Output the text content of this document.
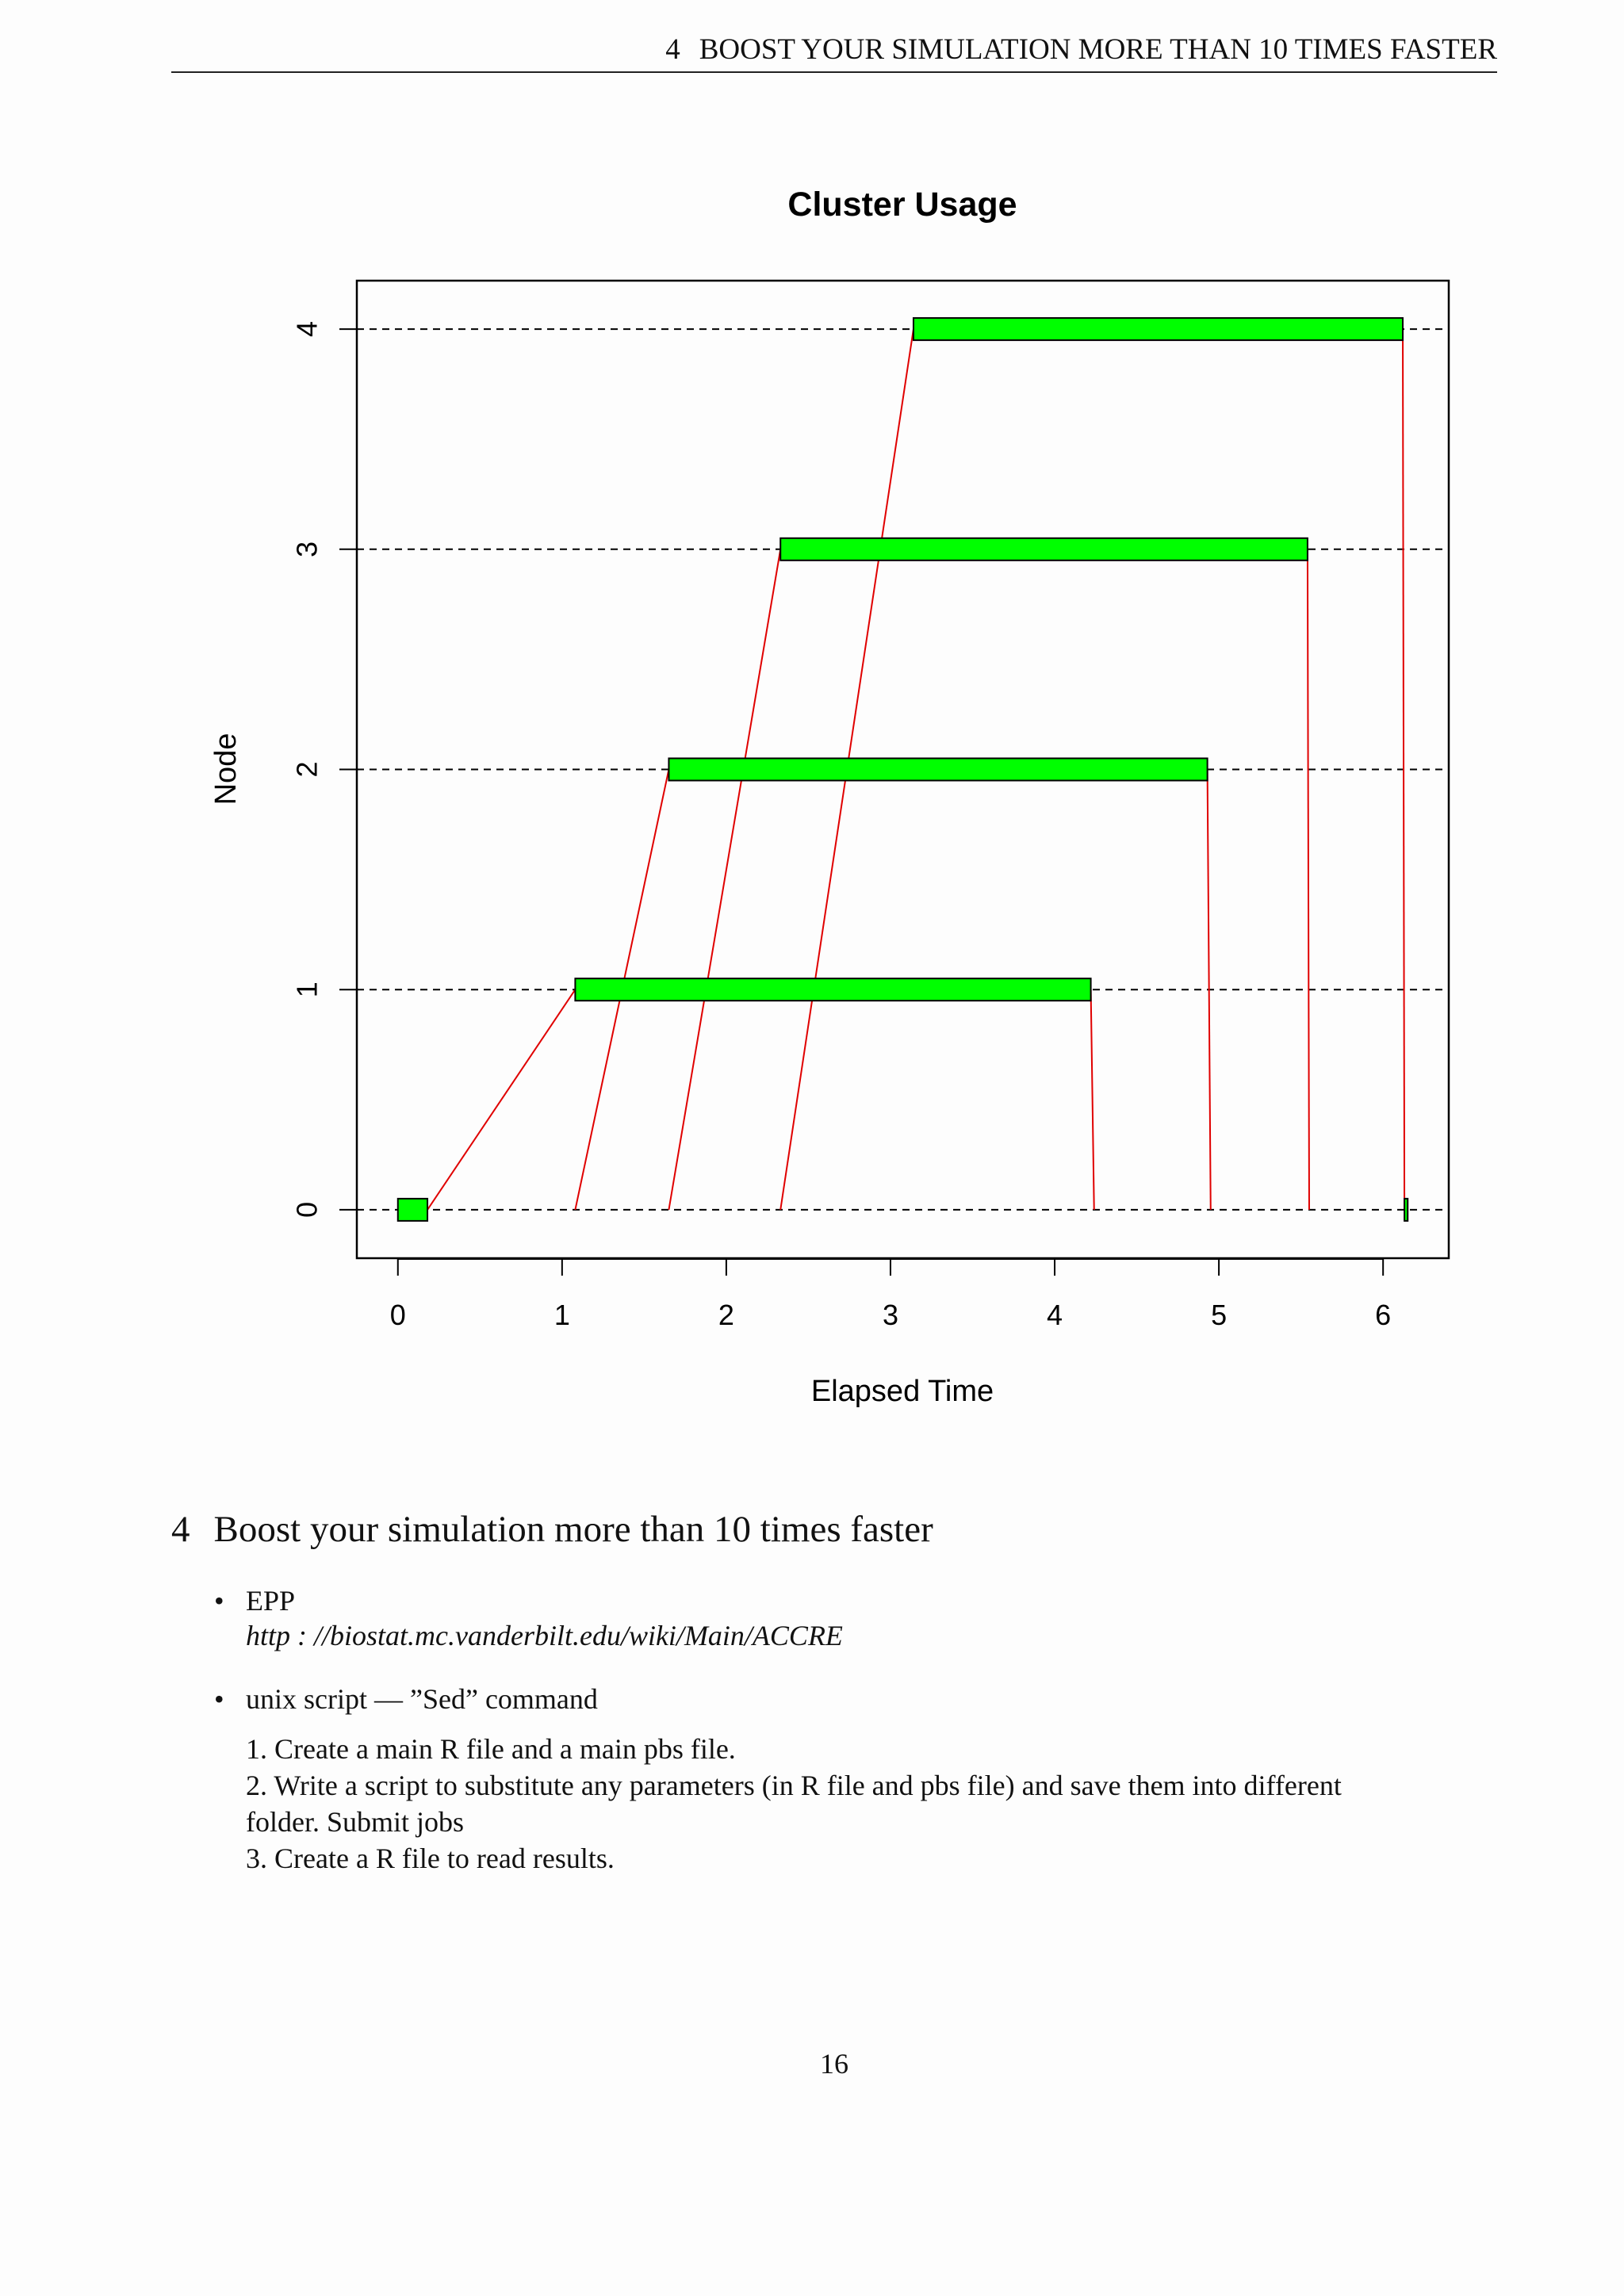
4 BOOST YOUR SIMULATION MORE THAN 10 TIMES FASTER
Cluster Usage
0	1	2	3	4	5	6
0
1
2
3
4
Elapsed Time
Node
4 Boost your simulation more than 10 times faster
• EPP
http : //biostat.mc.vanderbilt.edu/wiki/Main/ACCRE
• unix script — ”Sed” command
1. Create a main R file and a main pbs file.
2. Write a script to substitute any parameters (in R file and pbs file) and save them into different
folder. Submit jobs
3. Create a R file to read results.
16
